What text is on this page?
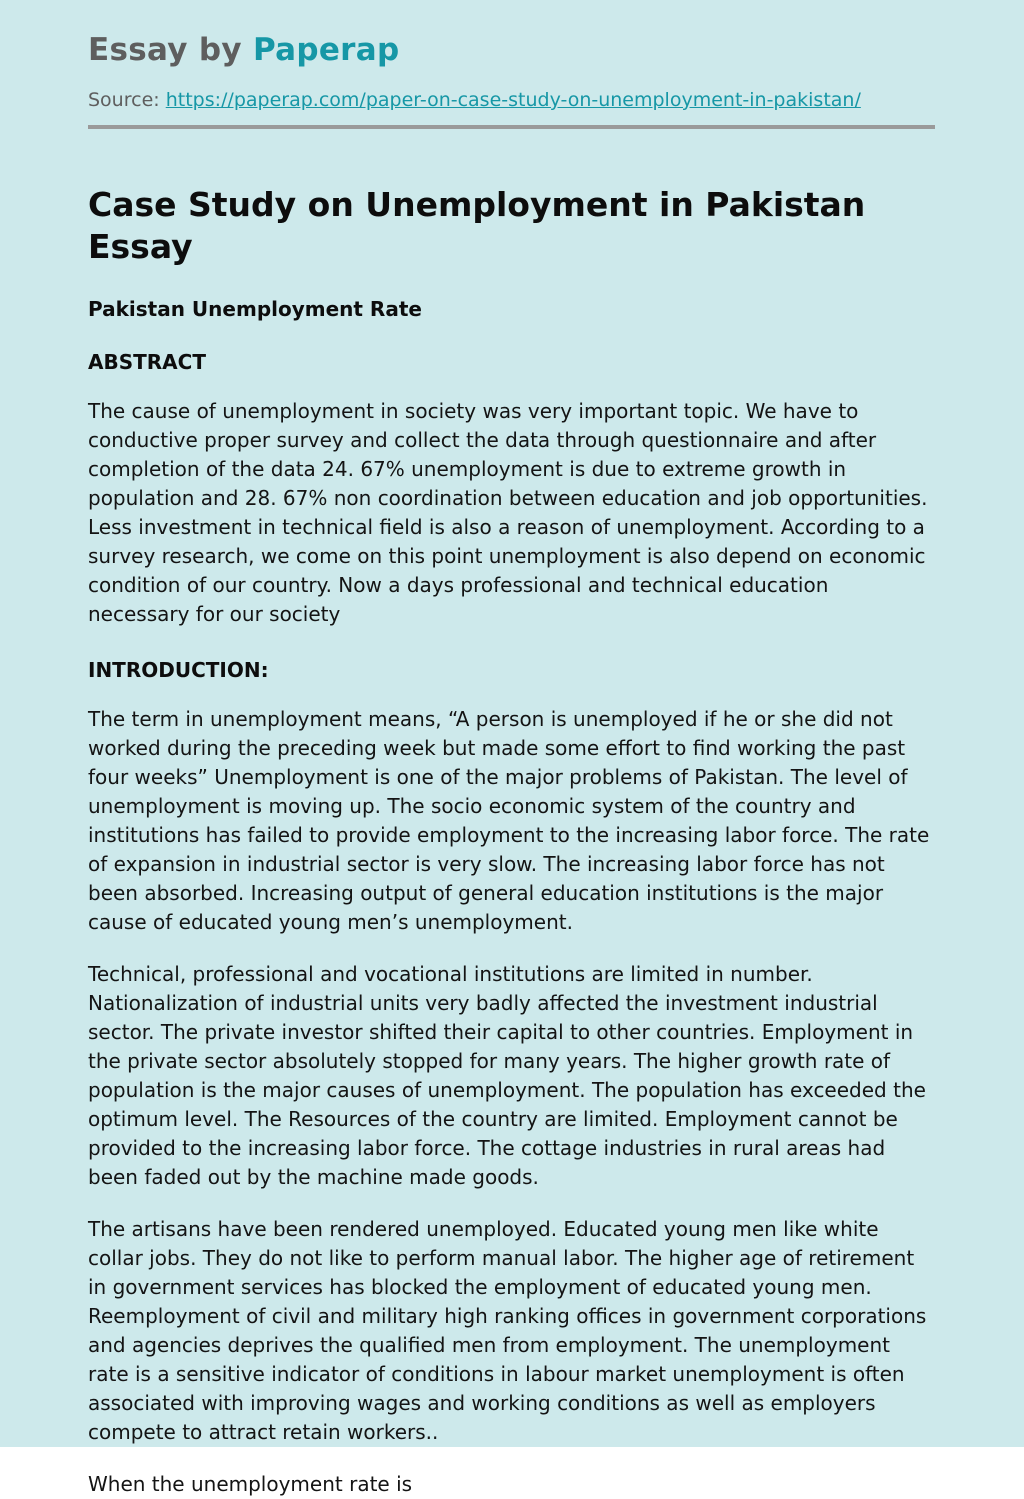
Essay by Paperap

Source: https://paperap.com/paper-on-case-study-on-unemployment-in-pakistan/

Case Study on Unemployment in Pakistan Essay
Pakistan Unemployment Rate
ABSTRACT

The cause of unemployment in society was very important topic. We have to conductive proper survey and collect the data through questionnaire and after completion of the data 24. 67% unemployment is due to extreme growth in population and 28. 67% non coordination between education and job opportunities. Less investment in technical field is also a reason of unemployment. According to a survey research, we come on this point unemployment is also depend on economic condition of our country. Now a days professional and technical education necessary for our society

INTRODUCTION:

The term in unemployment means, “A person is unemployed if he or she did not worked during the preceding week but made some effort to find working the past four weeks” Unemployment is one of the major problems of Pakistan. The level of unemployment is moving up. The socio economic system of the country and institutions has failed to provide employment to the increasing labor force. The rate of expansion in industrial sector is very slow. The increasing labor force has not been absorbed. Increasing output of general education institutions is the major cause of educated young men’s unemployment.

Technical, professional and vocational institutions are limited in number. Nationalization of industrial units very badly affected the investment industrial sector. The private investor shifted their capital to other countries. Employment in the private sector absolutely stopped for many years. The higher growth rate of population is the major causes of unemployment. The population has exceeded the optimum level. The Resources of the country are limited. Employment cannot be provided to the increasing labor force. The cottage industries in rural areas had been faded out by the machine made goods.

The artisans have been rendered unemployed. Educated young men like white collar jobs. They do not like to perform manual labor. The higher age of retirement in government services has blocked the employment of educated young men. Reemployment of civil and military high ranking offices in government corporations and agencies deprives the qualified men from employment. The unemployment rate is a sensitive indicator of conditions in labour market unemployment is often associated with improving wages and working conditions as well as employers compete to attract retain workers..

When the unemployment rate is
